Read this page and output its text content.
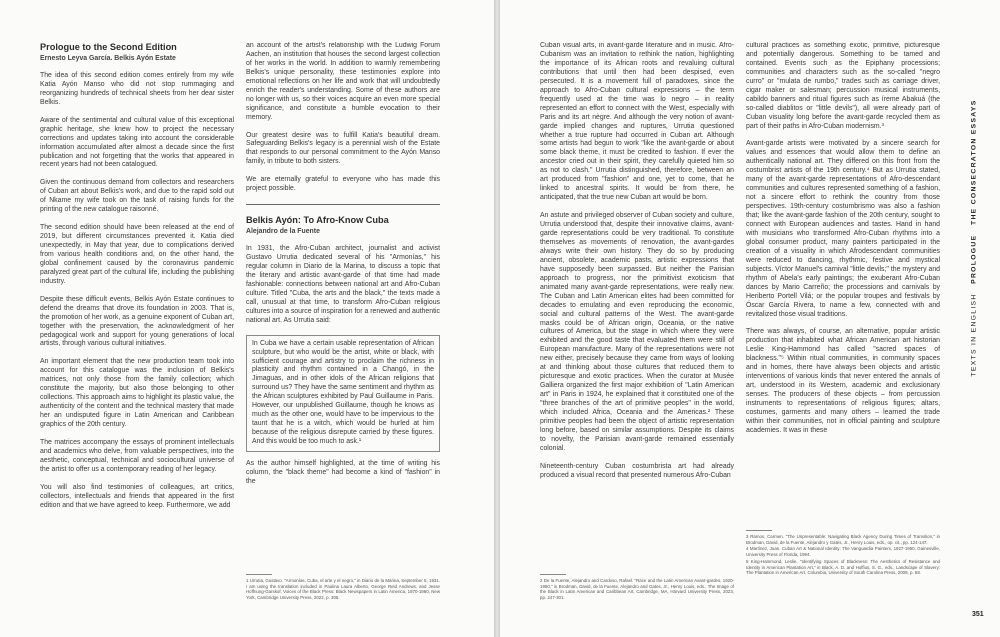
Prologue to the Second Edition
Ernesto Leyva García. Belkis Ayón Estate

The idea of this second edition comes entirely from my wife Katia Ayón Manso who did not stop rummaging and reorganizing hundreds of technical sheets from her dear sister Belkis.

Aware of the sentimental and cultural value of this exceptional graphic heritage, she knew how to project the necessary corrections and updates taking into account the considerable information accumulated after almost a decade since the first publication and not forgetting that the works that appeared in recent years had not been catalogued.

Given the continuous demand from collectors and researchers of Cuban art about Belkis's work, and due to the rapid sold out of Nkame my wife took on the task of raising funds for the printing of the new catalogue raisonné.

The second edition should have been released at the end of 2019, but different circumstances prevented it. Katia died unexpectedly, in May that year, due to complications derived from various health conditions and, on the other hand, the global confinement caused by the coronavirus pandemic paralyzed great part of the cultural life, including the publishing industry.

Despite these difficult events, Belkis Ayón Estate continues to defend the dreams that drove its foundation in 2003. That is, the promotion of her work, as a genuine exponent of Cuban art, together with the preservation, the acknowledgment of her pedagogical work and support for young generations of local artists, through various cultural initiatives.

An important element that the new production team took into account for this catalogue was the inclusion of Belkis's matrices, not only those from the family collection; which constitute the majority, but also those belonging to other collections. This approach aims to highlight its plastic value, the authenticity of the content and the technical mastery that made her an undisputed figure in Latin American and Caribbean graphics of the 20th century.

The matrices accompany the essays of prominent intellectuals and academics who delve, from valuable perspectives, into the aesthetic, conceptual, technical and sociocultural universe of the artist to offer us a contemporary reading of her legacy.

You will also find testimonies of colleagues, art critics, collectors, intellectuals and friends that appeared in the first edition and that we have agreed to keep. Furthermore, we add

an account of the artist's relationship with the Ludwig Forum Aachen, an institution that houses the second largest collection of her works in the world. In addition to warmly remembering Belkis's unique personality, these testimonies explore into emotional reflections on her life and work that will undoubtedly enrich the reader's understanding. Some of these authors are no longer with us, so their voices acquire an even more special significance, and constitute a humble evocation to their memory.

Our greatest desire was to fulfill Katia's beautiful dream. Safeguarding Belkis's legacy is a perennial wish of the Estate that responds to our personal commitment to the Ayón Manso family, in tribute to both sisters.

We are eternally grateful to everyone who has made this project possible.

Belkis Ayón: To Afro-Know Cuba
Alejandro de la Fuente

In 1931, the Afro-Cuban architect, journalist and activist Gustavo Urrutia dedicated several of his "Armonías," his regular column in Diario de la Marina, to discuss a topic that the literary and artistic avant-garde of that time had made fashionable: connections between national art and Afro-Cuban culture. Titled "Cuba, the arts and the black," the texts made a call, unusual at that time, to transform Afro-Cuban religious cultures into a source of inspiration for a renewed and authentic national art. As Urrutia said:

In Cuba we have a certain usable representation of African sculpture, but who would be the artist, white or black, with sufficient courage and artistry to proclaim the richness in plasticity and rhythm contained in a Changó, in the Jimaguas, and in other idols of the African religions that surround us? They have the same sentiment and rhythm as the African sculptures exhibited by Paul Guillaume in Paris. However, our unpublished Guillaume, though he knows as much as the other one, would have to be impervious to the taunt that he is a witch, which would be hurled at him because of the religious disrepute carried by these figures. And this would be too much to ask.¹

As the author himself highlighted, at the time of writing his column, the "black theme" had become a kind of "fashion" in the

1 Urrutia, Gustavo. "Armonías. Cuba, el arte y el negro," in Diario de la Marina, September 5, 1931. I am using the translation included in Paulina Laura Alberto, George Reid Andrews, and Jesse Hoffnung-Garskof, Voices of the Black Press: Black Newspapers in Latin America, 1870-1960, New York, Cambridge University Press, 2022, p. 305.

Cuban visual arts, in avant-garde literature and in music. Afro-Cubanism was an invitation to rethink the nation, highlighting the importance of its African roots and revaluing cultural contributions that until then had been despised, even persecuted. It is a movement full of paradoxes, since the approach to Afro-Cuban cultural expressions – the term frequently used at the time was lo negro – in reality represented an effort to connect with the West, especially with Paris and its art nègre. And although the very notion of avant-garde implied changes and ruptures, Urrutia questioned whether a true rupture had occurred in Cuban art. Although some artists had begun to work "like the avant-garde or about some black theme, it must be credited to fashion. If ever the ancestor cried out in their spirit, they carefully quieted him so as not to clash." Urrutia distinguished, therefore, between an art produced from "fashion" and one, yet to come, that he linked to ancestral spirits. It would be from there, he anticipated, that the true new Cuban art would be born.

An astute and privileged observer of Cuban society and culture, Urrutia understood that, despite their innovative claims, avant-garde representations could be very traditional. To constitute themselves as movements of renovation, the avant-gardes always write their own history. They do so by producing ancient, obsolete, academic pasts, artistic expressions that have supposedly been surpassed. But neither the Parisian approach to progress, nor the primitivist exoticism that animated many avant-garde representations, were really new. The Cuban and Latin American elites had been committed for decades to emulating and even reproducing the economic, social and cultural patterns of the West. The avant-garde masks could be of African origin, Oceania, or the native cultures of America, but the stage in which where they were exhibited and the good taste that evaluated them were still of European manufacture. Many of the representations were not new either, precisely because they came from ways of looking at and thinking about those cultures that reduced them to picturesque and exotic practices. When the curator at Musée Galliera organized the first major exhibition of "Latin American art" in Paris in 1924, he explained that it constituted one of the "three branches of the art of primitive peoples" in the world, which included Africa, Oceania and the Americas.² These primitive peoples had been the object of artistic representation long before, based on similar assumptions. Despite its claims to novelty, the Parisian avant-garde remained essentially colonial.

Nineteenth-century Cuban costumbrista art had already produced a visual record that presented numerous Afro-Cuban

2 De la Fuente, Alejandro and Cardoso, Rafael. "Race and the Latin American Avant-gardes, 1920-1950," in Brodman, David, de la Fuente, Alejandro and Gates, Jr., Henry Louis, eds., The Image of the Black in Latin American and Caribbean Art, Cambridge, MA, Harvard University Press, 2023, pp. 247-301.

cultural practices as something exotic, primitive, picturesque and potentially dangerous. Something to be tamed and contained. Events such as the Epiphany processions; communities and characters such as the so-called "negro curro" or "mulata de rumbo," trades such as carriage driver, cigar maker or salesman; percussion musical instruments, cabildo banners and ritual figures such as íreme Abakuá (the so-called diablitos or "little devils"), all were already part of Cuban visuality long before the avant-garde recycled them as part of their paths in Afro-Cuban modernism.³

Avant-garde artists were motivated by a sincere search for values and essences that would allow them to define an authentically national art. They differed on this front from the costumbrist artists of the 19th century.⁴ But as Urrutia stated, many of the avant-garde representations of Afro-descendant communities and cultures represented something of a fashion, not a sincere effort to rethink the country from those perspectives. 19th-century costumbrismo was also a fashion that; like the avant-garde fashion of the 20th century, sought to connect with European audiences and tastes. Hand in hand with musicians who transformed Afro-Cuban rhythms into a global consumer product, many painters participated in the creation of a visuality in which Afrodescendant communities were reduced to dancing, rhythmic, festive and mystical subjects. Víctor Manuel's carnival "little devils;" the mystery and rhythm of Abela's early paintings; the exuberant Afro-Cuban dances by Mario Carreño; the processions and carnivals by Heriberto Portell Vilá; or the popular troupes and festivals by Óscar García Rivera, to name a few, connected with and revitalized those visual traditions.

There was always, of course, an alternative, popular artistic production that inhabited what African American art historian Leslie King-Hammond has called "sacred spaces of blackness."⁵ Within ritual communities, in community spaces and in homes, there have always been objects and artistic interventions of various kinds that never entered the annals of art, understood in its Western, academic and exclusionary senses. The producers of these objects – from percussion instruments to representations of religious figures; altars, costumes, garments and many others – learned the trade within their communities, not in official painting and sculpture academies. It was in these

3 Ramos, Carmen. "The Unpresentable: Navigating Black Agency During Times of Transition," in Brodman, David, de la Fuente, Alejandro y Gates, Jr., Henry Louis, eds., op. cit., pp. 124-147.
4 Martínez, Juan. Cuban Art & National Identity: The Vanguardia Painters, 1927-1950, Gainesville, University Press of Florida, 1994.
5 King-Hammond, Leslie. "Identifying Spaces of Blackness: The Aesthetics of Resistance and Identity in American Plantation Art," in Black, A. D. and Hoffius, S. G., eds., Landscape of Slavery: The Plantation in American Art, Columbia, University of South Carolina Press, 2008, p. 58.
TEXTS IN ENGLISH   PROLOGUE   THE CONSECRATON ESSAYS
351
